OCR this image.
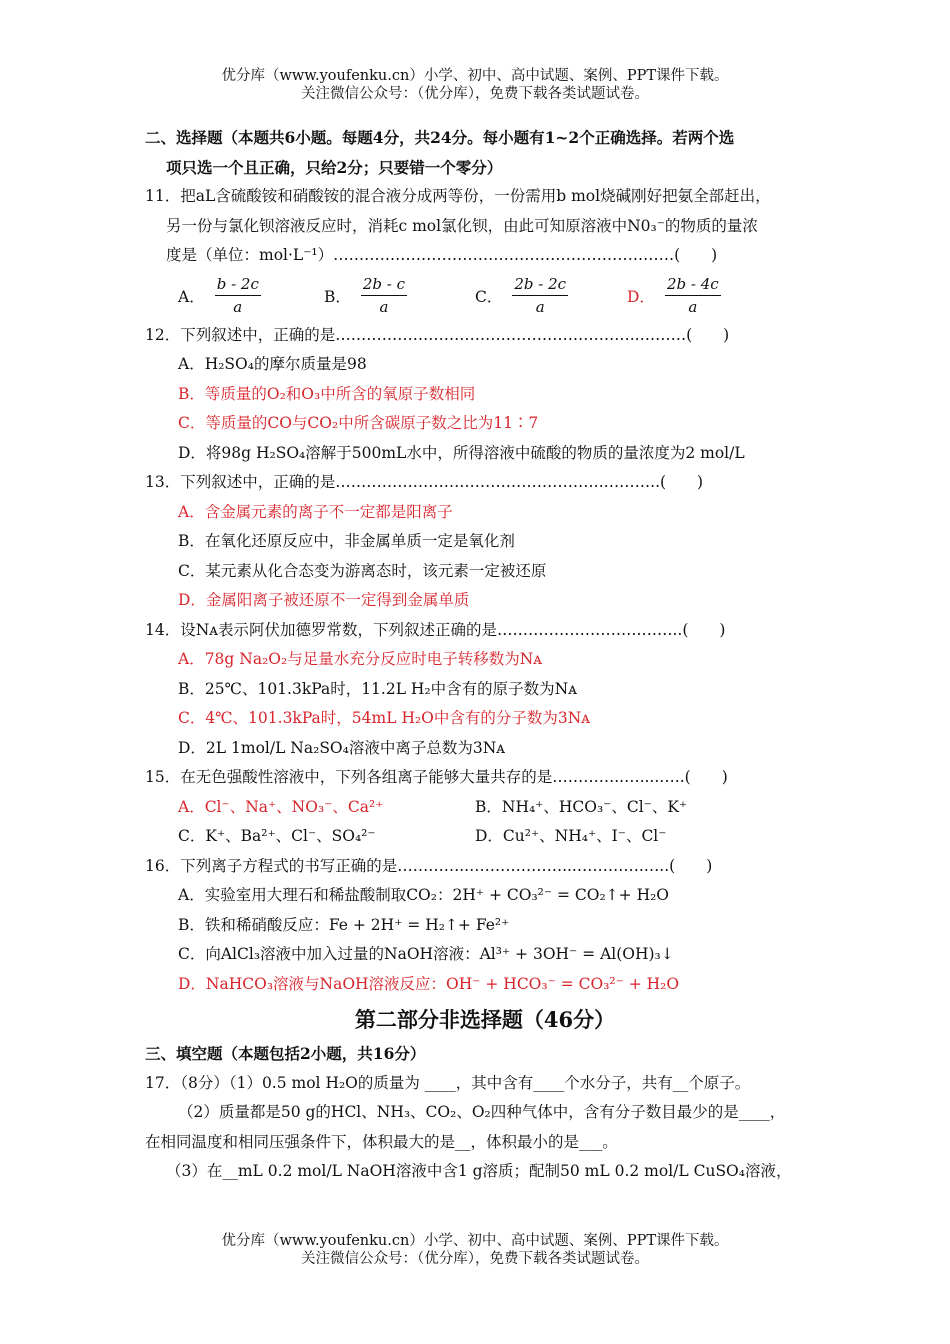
优分库（www.youfenku.cn）小学、初中、高中试题、案例、PPT课件下载。
关注微信公众号：（优分库），免费下载各类试题试卷。
二、选择题（本题共6小题。每题4分，共24分。每小题有1~2个正确选择。若两个选
项只选一个且正确，只给2分；只要错一个零分）
11．把aL含硫酸铵和硝酸铵的混合液分成两等份，一份需用b mol烧碱刚好把氨全部赶出，
另一份与氯化钡溶液反应时，消耗c mol氯化钡，由此可知原溶液中N0₃⁻的物质的量浓
度是（单位：mol·L⁻¹）…………………………………………………………(　　)
A． $\frac{b - 2c}{a}$	B． $\frac{2b - c}{a}$	C． $\frac{2b - 2c}{a}$	D． $\frac{2b - 4c}{a}$
12．下列叙述中，正确的是…………………………………………………..………(　　)
A．H₂SO₄的摩尔质量是98
B．等质量的O₂和O₃中所含的氧原子数相同
C．等质量的CO与CO₂中所含碳原子数之比为11∶7
D．将98g H₂SO₄溶解于500mL水中，所得溶液中硫酸的物质的量浓度为2 mol/L
13．下列叙述中，正确的是…………………………………………….………..(　　)
A．含金属元素的离子不一定都是阳离子
B．在氧化还原反应中，非金属单质一定是氧化剂
C．某元素从化合态变为游离态时，该元素一定被还原
D．金属阳离子被还原不一定得到金属单质
14．设Nᴀ表示阿伏加德罗常数，下列叙述正确的是……………………….……..(　　)
A．78g Na₂O₂与足量水充分反应时电子转移数为Nᴀ
B．25℃、101.3kPa时，11.2L H₂中含有的原子数为Nᴀ
C．4℃、101.3kPa时，54mL H₂O中含有的分子数为3Nᴀ
D．2L 1mol/L Na₂SO₄溶液中离子总数为3Nᴀ
15．在无色强酸性溶液中，下列各组离子能够大量共存的是…………..…....…..(　　)
A．Cl⁻、Na⁺、NO₃⁻、Ca²⁺	B．NH₄⁺、HCO₃⁻、Cl⁻、K⁺
C．K⁺、Ba²⁺、Cl⁻、SO₄²⁻	D．Cu²⁺、NH₄⁺、I⁻、Cl⁻
16．下列离子方程式的书写正确的是…………..………………...………….…..(　　)
A．实验室用大理石和稀盐酸制取CO₂：2H⁺ + CO₃²⁻ = CO₂↑+ H₂O
B．铁和稀硝酸反应：Fe + 2H⁺ = H₂↑+ Fe²⁺
C．向AlCl₃溶液中加入过量的NaOH溶液：Al³⁺ + 3OH⁻ = Al(OH)₃↓
D．NaHCO₃溶液与NaOH溶液反应：OH⁻ + HCO₃⁻ = CO₃²⁻ + H₂O
第二部分非选择题（46分）
三、填空题（本题包括2小题，共16分）
17．（8分）（1）0.5 mol H₂O的质量为 ____，其中含有____个水分子，共有__个原子。
（2）质量都是50 g的HCl、NH₃、CO₂、O₂四种气体中，含有分子数目最少的是____，
在相同温度和相同压强条件下，体积最大的是__，体积最小的是___。
（3）在__mL 0.2 mol/L NaOH溶液中含1 g溶质；配制50 mL 0.2 mol/L CuSO₄溶液，
优分库（www.youfenku.cn）小学、初中、高中试题、案例、PPT课件下载。
关注微信公众号：（优分库），免费下载各类试题试卷。
